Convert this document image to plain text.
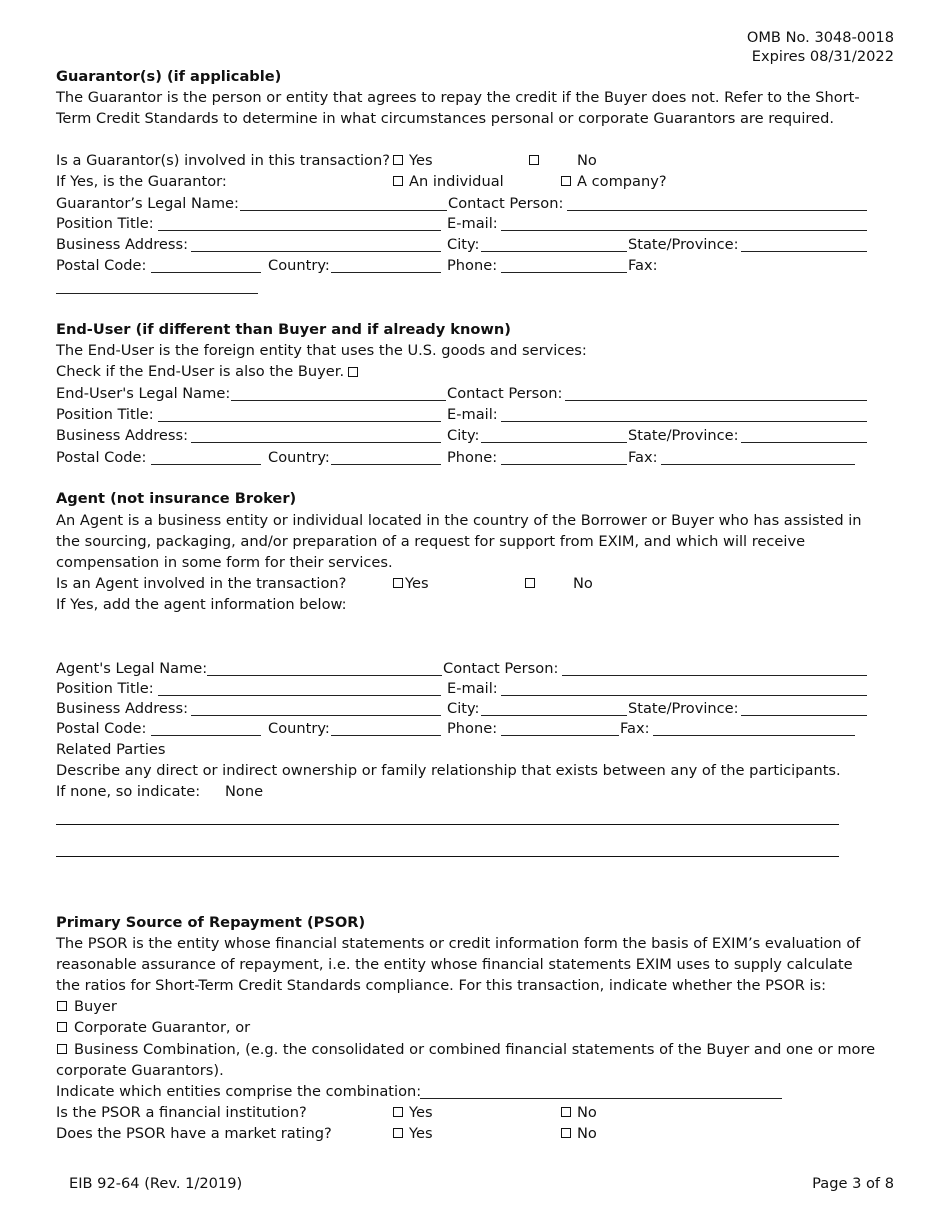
OMB No. 3048-0018
Expires 08/31/2022
Guarantor(s) (if applicable)
The Guarantor is the person or entity that agrees to repay the credit if the Buyer does not. Refer to the Short-
Term Credit Standards to determine in what circumstances personal or corporate Guarantors are required.
Is a Guarantor(s) involved in this transaction? Yes	No
If Yes, is the Guarantor:	An individual	A company?
Guarantor’s Legal Name:	Contact Person:
Position Title:	E-mail:
Business Address:	City:	State/Province:
Postal Code:	Country:	Phone:	Fax:
End-User (if different than Buyer and if already known)
The End-User is the foreign entity that uses the U.S. goods and services:
Check if the End-User is also the Buyer.
End-User's Legal Name:	Contact Person:
Position Title:	E-mail:
Business Address:	City:	State/Province:
Postal Code:	Country:	Phone:	Fax:
Agent (not insurance Broker)
An Agent is a business entity or individual located in the country of the Borrower or Buyer who has assisted in
the sourcing, packaging, and/or preparation of a request for support from EXIM, and which will receive
compensation in some form for their services.
Is an Agent involved in the transaction?	Yes	No
If Yes, add the agent information below:
Agent's Legal Name:	Contact Person:
Position Title:	E-mail:
Business Address:	City:	State/Province:
Postal Code:	Country:	Phone:	Fax:
Related Parties
Describe any direct or indirect ownership or family relationship that exists between any of the participants.
If none, so indicate: None
Primary Source of Repayment (PSOR)
The PSOR is the entity whose financial statements or credit information form the basis of EXIM’s evaluation of
reasonable assurance of repayment, i.e. the entity whose financial statements EXIM uses to supply calculate
the ratios for Short-Term Credit Standards compliance. For this transaction, indicate whether the PSOR is:
Buyer
Corporate Guarantor, or
Business Combination, (e.g. the consolidated or combined financial statements of the Buyer and one or more
corporate Guarantors).
Indicate which entities comprise the combination:
Is the PSOR a financial institution?	Yes	No
Does the PSOR have a market rating?	Yes	No
EIB 92-64 (Rev. 1/2019)	Page 3 of 8
